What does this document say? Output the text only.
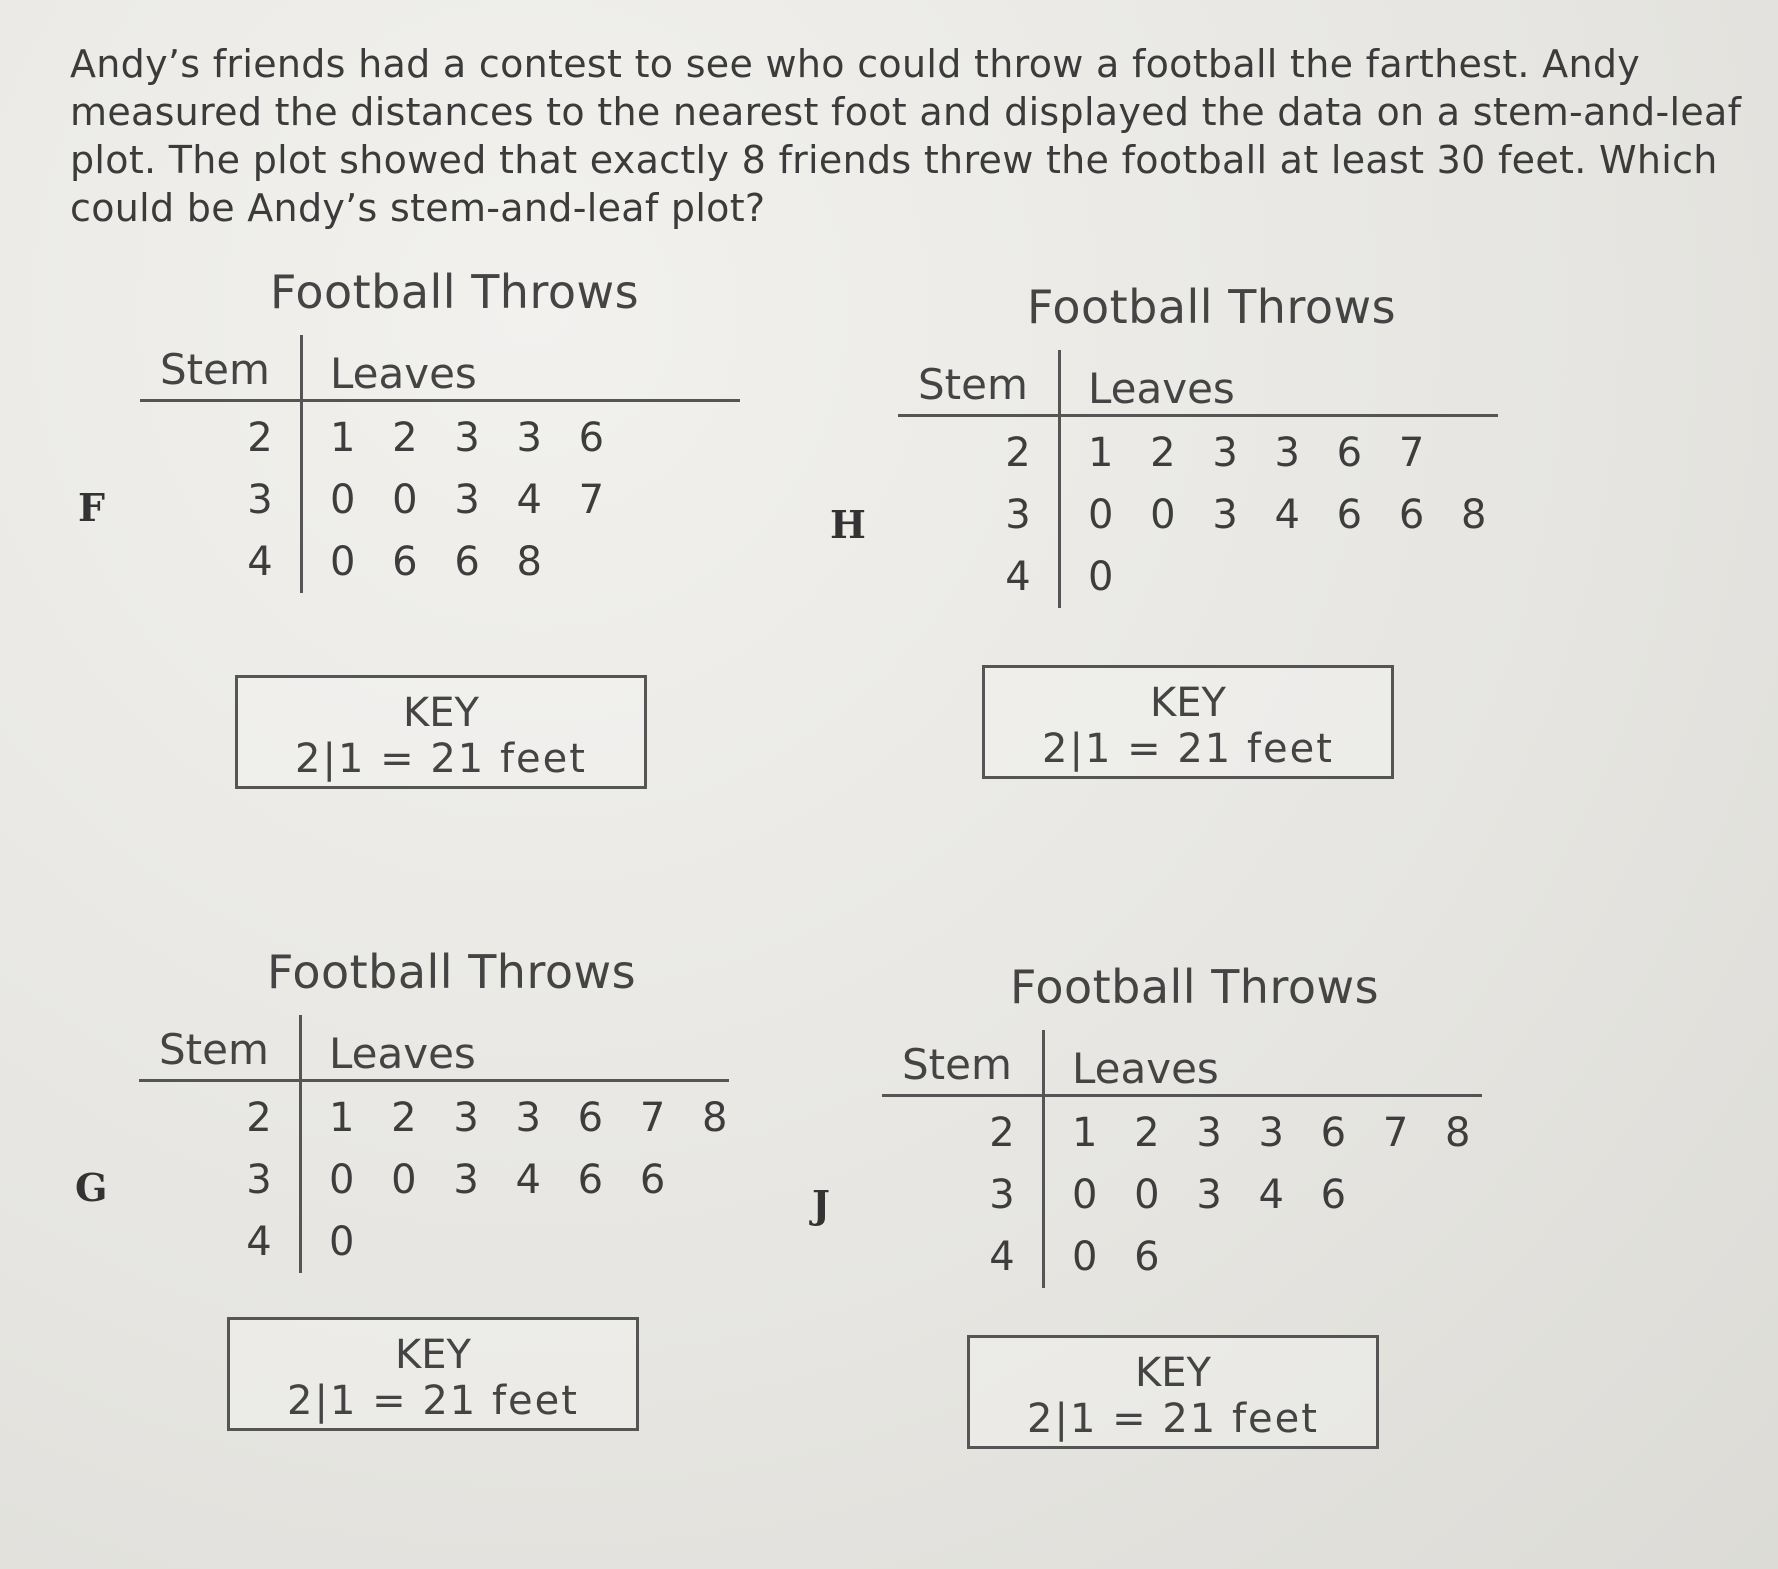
Andy’s friends had a contest to see who could throw a football the farthest. Andy measured the distances to the nearest foot and displayed the data on a stem-and-leaf plot. The plot showed that exactly 8 friends threw the football at least 30 feet. Which could be Andy’s stem-and-leaf plot?
Football Throws
F
Stem Leaves
2 1 2 3 3 6
3 0 0 3 4 7
4 0 6 6 8
KEY
2|1 = 21 feet
Football Throws
H
Stem Leaves
2 1 2 3 3 6 7
3 0 0 3 4 6 6 8
4 0
KEY
2|1 = 21 feet
Football Throws
G
Stem Leaves
2 1 2 3 3 6 7 8
3 0 0 3 4 6 6
4 0
KEY
2|1 = 21 feet
Football Throws
J
Stem Leaves
2 1 2 3 3 6 7 8
3 0 0 3 4 6
4 0 6
KEY
2|1 = 21 feet
